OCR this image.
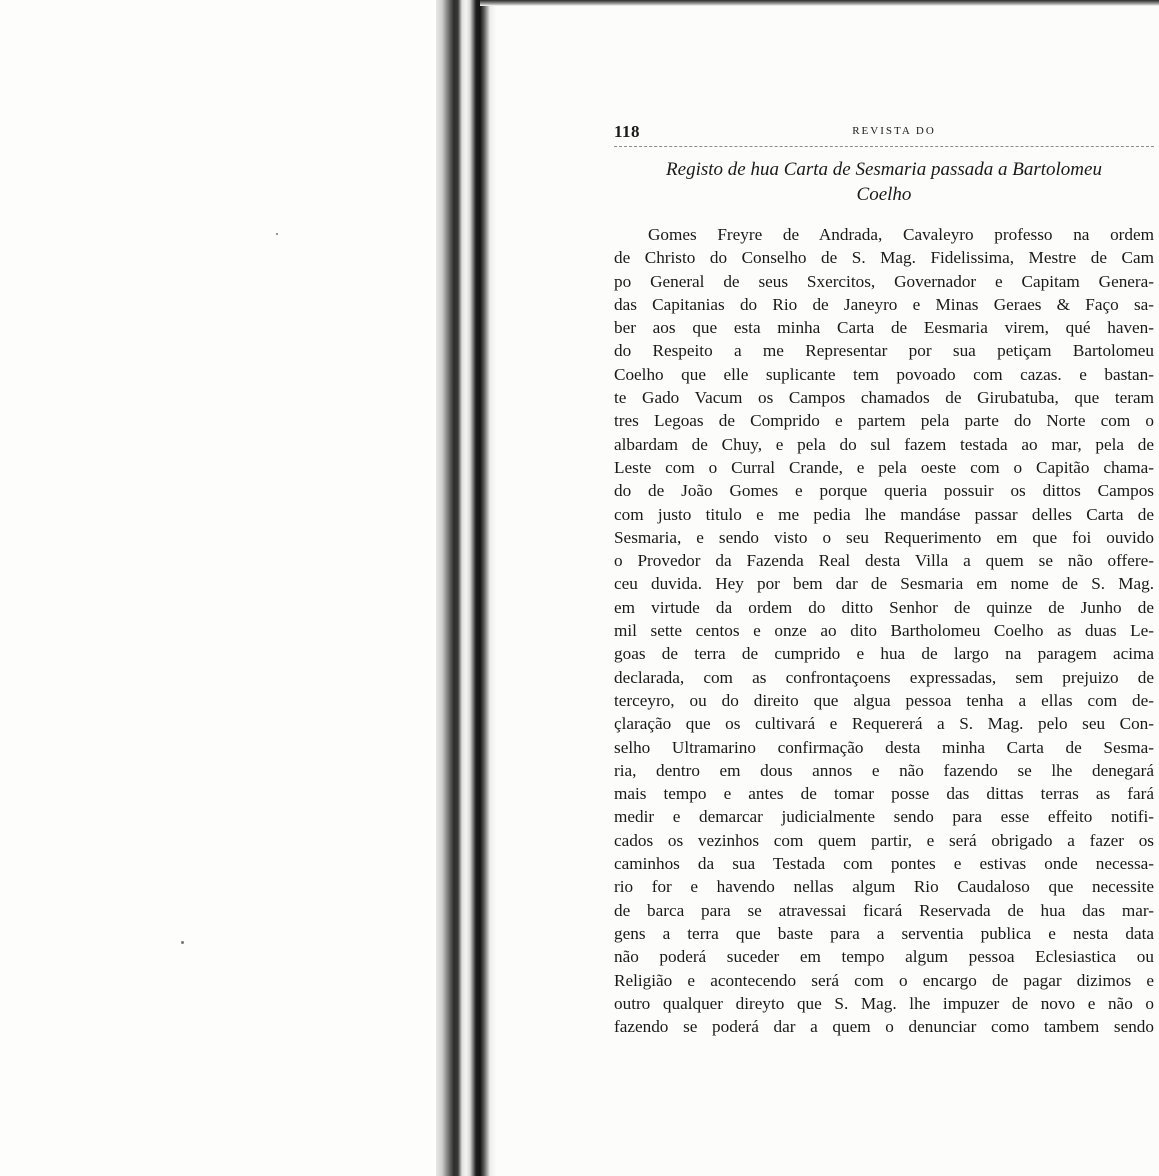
118	REVISTA DO
Registo de hua Carta de Sesmaria passada a Bartolomeu
Coelho

Gomes Freyre de Andrada, Cavaleyro professo na ordem
de Christo do Conselho de S. Mag. Fidelissima, Mestre de Cam
po General de seus Sxercitos, Governador e Capitam Genera-
das Capitanias do Rio de Janeyro e Minas Geraes & Faço sa-
ber aos que esta minha Carta de Eesmaria virem, qué haven-
do Respeito a me Representar por sua petiçam Bartolomeu
Coelho que elle suplicante tem povoado com cazas. e bastan-
te Gado Vacum os Campos chamados de Girubatuba, que teram
tres Legoas de Comprido e partem pela parte do Norte com o
albardam de Chuy, e pela do sul fazem testada ao mar, pela de
Leste com o Curral Crande, e pela oeste com o Capitão chama-
do de João Gomes e porque queria possuir os dittos Campos
com justo titulo e me pedia lhe mandáse passar delles Carta de
Sesmaria, e sendo visto o seu Requerimento em que foi ouvido
o Provedor da Fazenda Real desta Villa a quem se não offere-
ceu duvida. Hey por bem dar de Sesmaria em nome de S. Mag.
em virtude da ordem do ditto Senhor de quinze de Junho de
mil sette centos e onze ao dito Bartholomeu Coelho as duas Le-
goas de terra de cumprido e hua de largo na paragem acima
declarada, com as confrontaçoens expressadas, sem prejuizo de
terceyro, ou do direito que algua pessoa tenha a ellas com de-
çlaração que os cultivará e Requererá a S. Mag. pelo seu Con-
selho Ultramarino confirmação desta minha Carta de Sesma-
ria, dentro em dous annos e não fazendo se lhe denegará
mais tempo e antes de tomar posse das dittas terras as fará
medir e demarcar judicialmente sendo para esse effeito notifi-
cados os vezinhos com quem partir, e será obrigado a fazer os
caminhos da sua Testada com pontes e estivas onde necessa-
rio for e havendo nellas algum Rio Caudaloso que necessite
de barca para se atravessai ficará Reservada de hua das mar-
gens a terra que baste para a serventia publica e nesta data
não poderá suceder em tempo algum pessoa Eclesiastica ou
Religião e acontecendo será com o encargo de pagar dizimos e
outro qualquer direyto que S. Mag. lhe impuzer de novo e não o
fazendo se poderá dar a quem o denunciar como tambem sendo
